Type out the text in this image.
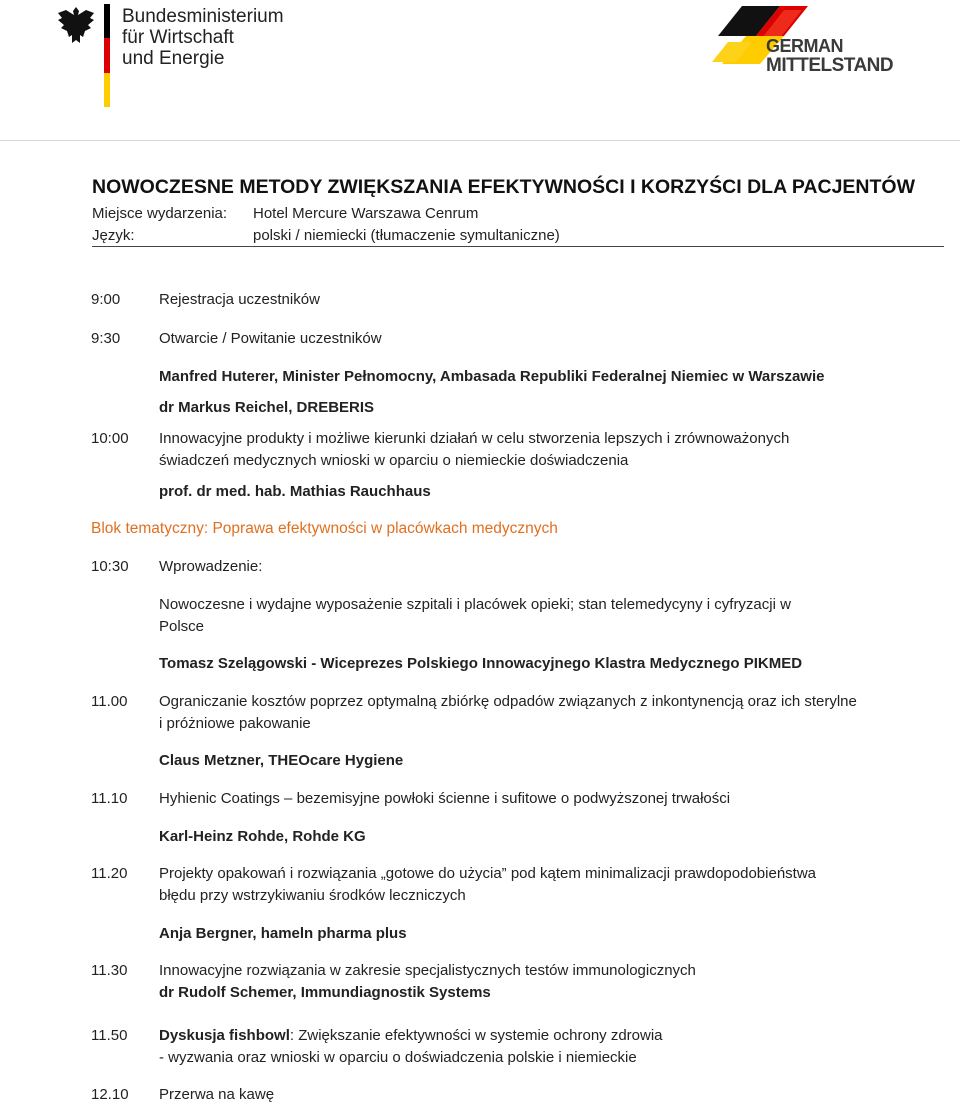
Bundesministerium
für Wirtschaft
und Energie
GERMAN
MITTELSTAND
NOWOCZESNE METODY ZWIĘKSZANIA EFEKTYWNOŚCI I KORZYŚCI DLA PACJENTÓW
Miejsce wydarzenia: Hotel Mercure Warszawa Cenrum
Język:	polski / niemiecki (tłumaczenie symultaniczne)
9:00	Rejestracja uczestników
9:30	Otwarcie / Powitanie uczestników
Manfred Huterer, Minister Pełnomocny, Ambasada Republiki Federalnej Niemiec w Warszawie
dr Markus Reichel, DREBERIS
10:00 Innowacyjne produkty i możliwe kierunki działań w celu stworzenia lepszych i zrównoważonych
świadczeń medycznych wnioski w oparciu o niemieckie doświadczenia
prof. dr med. hab. Mathias Rauchhaus
Blok tematyczny: Poprawa efektywności w placówkach medycznych
10:30 Wprowadzenie:
Nowoczesne i wydajne wyposażenie szpitali i placówek opieki; stan telemedycyny i cyfryzacji w
Polsce
Tomasz Szelągowski - Wiceprezes Polskiego Innowacyjnego Klastra Medycznego PIKMED
11.00 Ograniczanie kosztów poprzez optymalną zbiórkę odpadów związanych z inkontynencją oraz ich sterylne
i próżniowe pakowanie
Claus Metzner, THEOcare Hygiene
11.10 Hyhienic Coatings – bezemisyjne powłoki ścienne i sufitowe o podwyższonej trwałości
Karl-Heinz Rohde, Rohde KG
11.20 Projekty opakowań i rozwiązania „gotowe do użycia” pod kątem minimalizacji prawdopodobieństwa
błędu przy wstrzykiwaniu środków leczniczych
Anja Bergner, hameln pharma plus
11.30 Innowacyjne rozwiązania w zakresie specjalistycznych testów immunologicznych
dr Rudolf Schemer, Immundiagnostik Systems
11.50 Dyskusja fishbowl: Zwiększanie efektywności w systemie ochrony zdrowia
- wyzwania oraz wnioski w oparciu o doświadczenia polskie i niemieckie
12.10 Przerwa na kawę
